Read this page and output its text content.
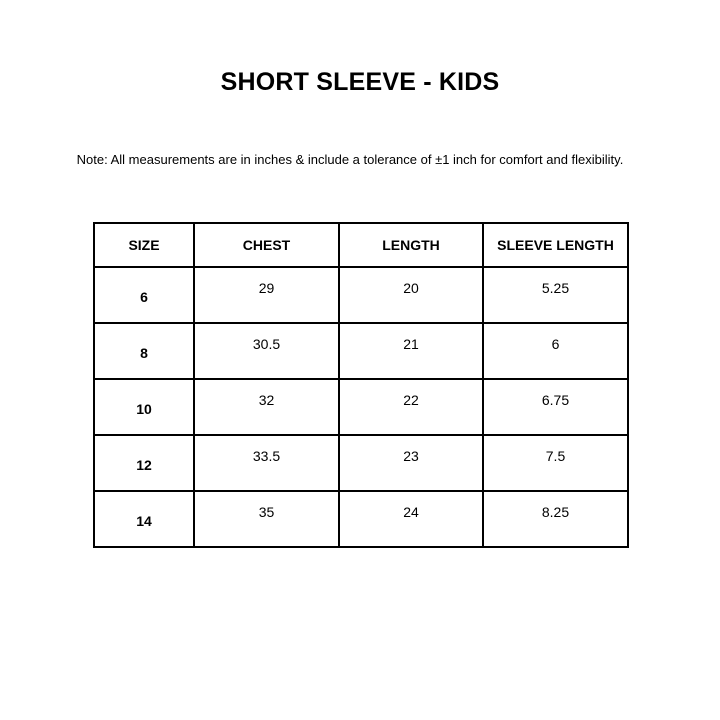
SHORT SLEEVE - KIDS

Note: All measurements are in inches & include a tolerance of ±1 inch for comfort and flexibility.

SIZE	CHEST	LENGTH	SLEEVE LENGTH
6	29	20	5.25
8	30.5	21	6
10	32	22	6.75
12	33.5	23	7.5
14	35	24	8.25
